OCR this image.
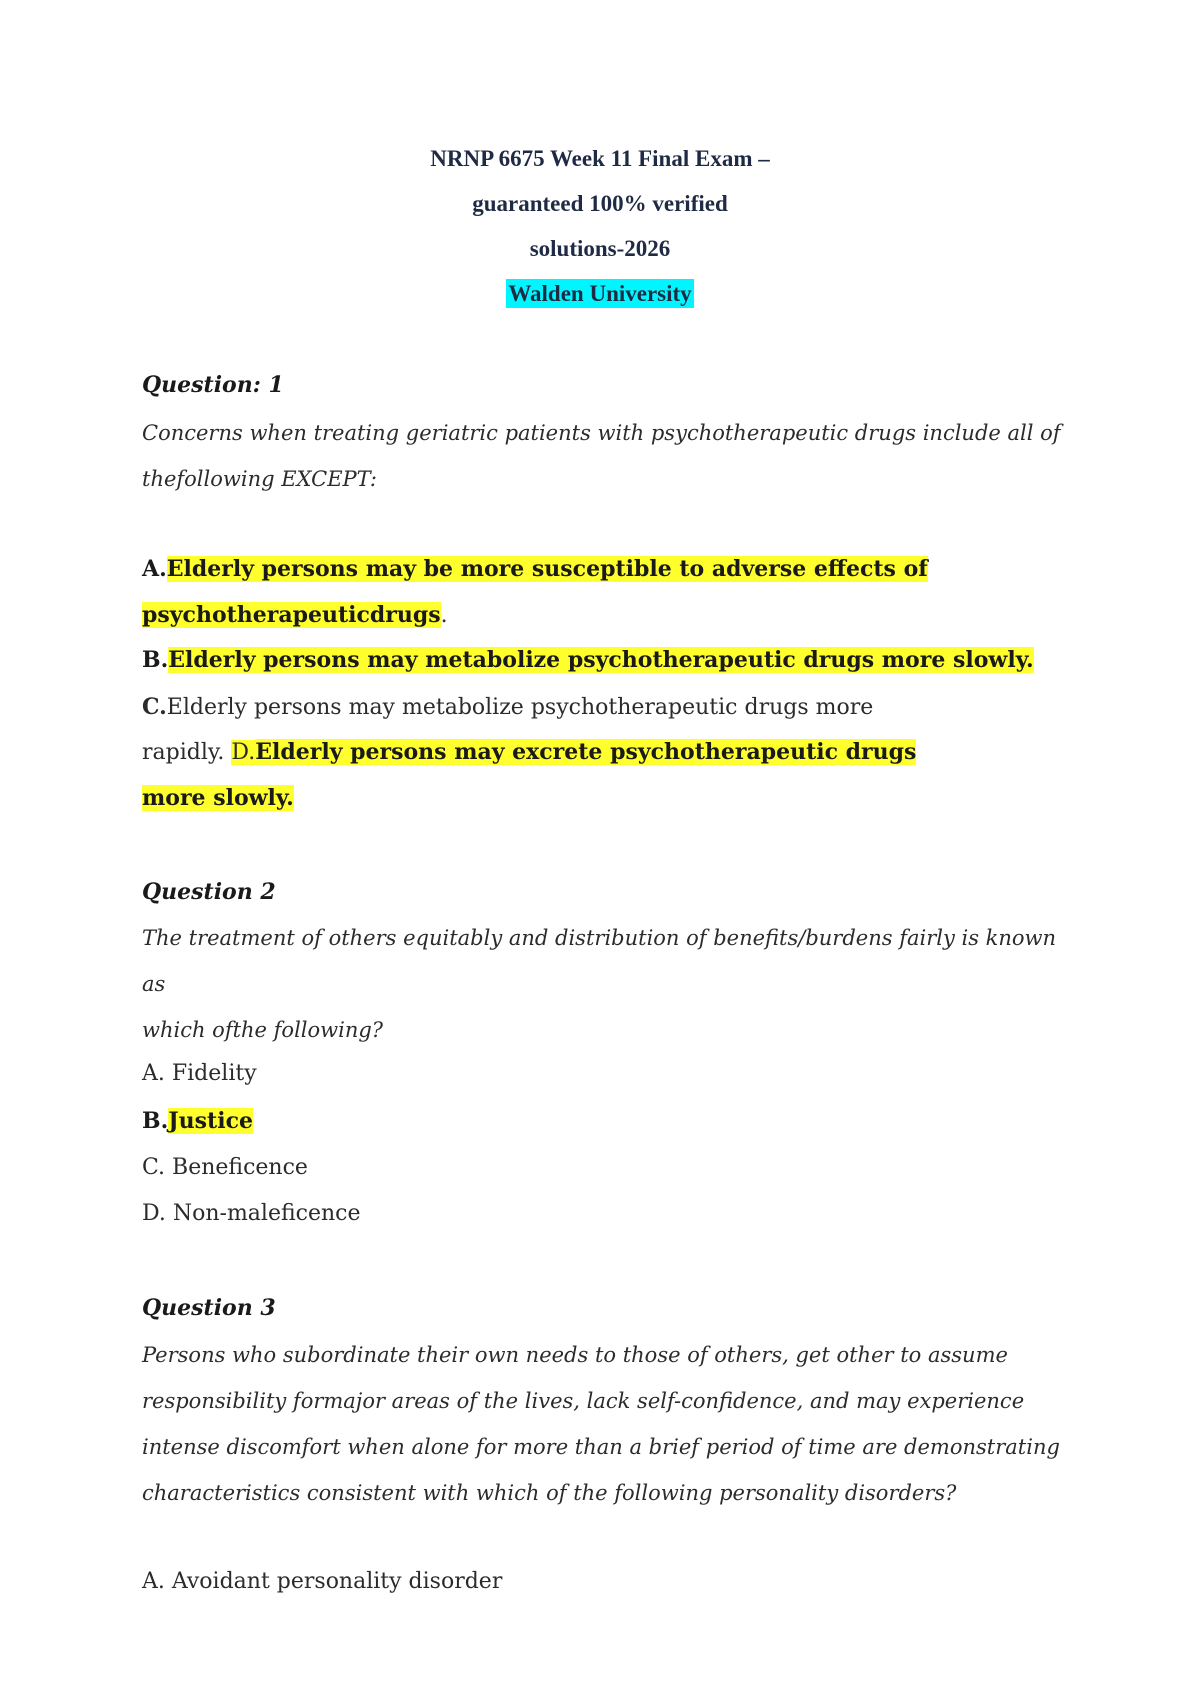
NRNP 6675 Week 11 Final Exam –
guaranteed 100% verified
solutions-2026
Walden University
Question: 1
Concerns when treating geriatric patients with psychotherapeutic drugs include all of
thefollowing EXCEPT:
A.Elderly persons may be more susceptible to adverse effects of
psychotherapeuticdrugs.
B.Elderly persons may metabolize psychotherapeutic drugs more slowly.
C.Elderly persons may metabolize psychotherapeutic drugs more
rapidly. D.Elderly persons may excrete psychotherapeutic drugs
more slowly.
Question 2
The treatment of others equitably and distribution of benefits/burdens fairly is known as
which ofthe following?
A. Fidelity
B.Justice
C. Beneficence
D. Non-maleficence
Question 3
Persons who subordinate their own needs to those of others, get other to assume
responsibility formajor areas of the lives, lack self-confidence, and may experience
intense discomfort when alone for more than a brief period of time are demonstrating
characteristics consistent with which of the following personality disorders?
A. Avoidant personality disorder
